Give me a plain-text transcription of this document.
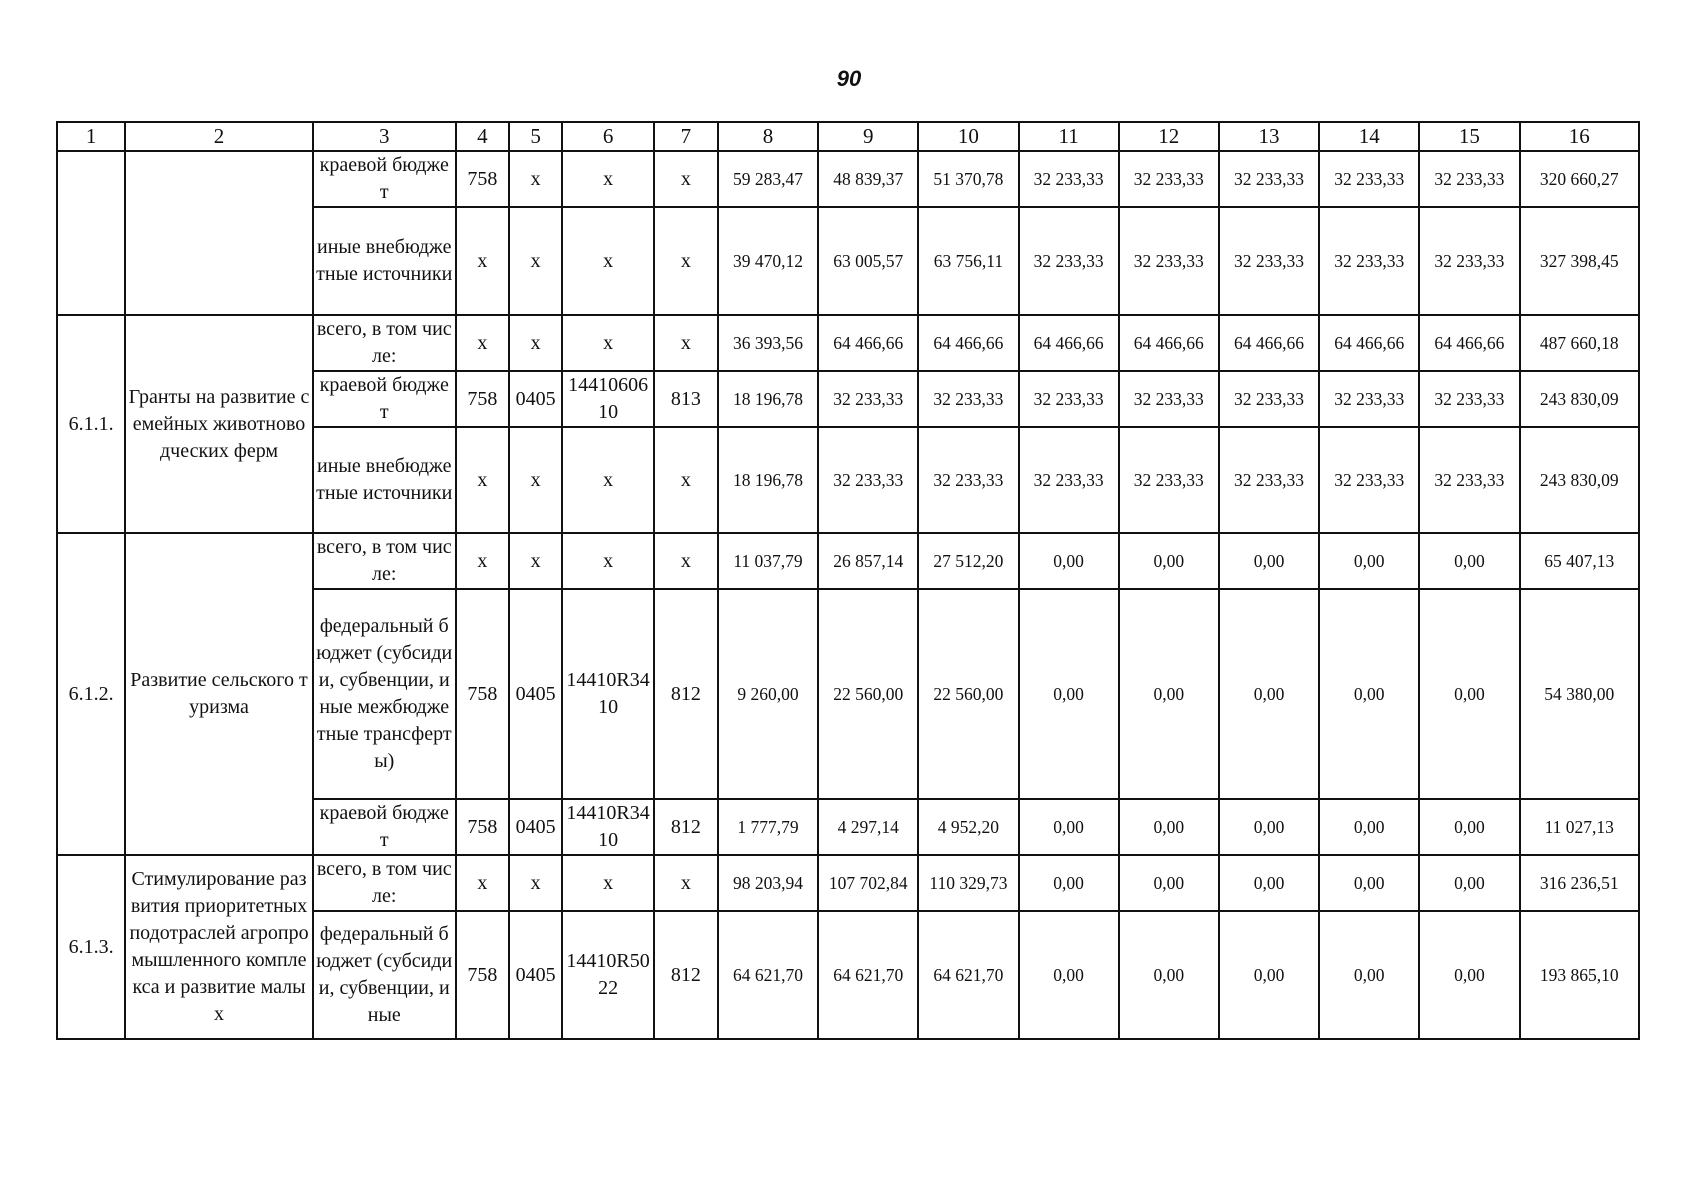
90
1	2	3	4	5	6	7	8	9	10	11	12	13	14	15	16
		краевой бюджет	758	х	х	х	59 283,47	48 839,37	51 370,78	32 233,33	32 233,33	32 233,33	32 233,33	32 233,33	320 660,27
		иные внебюджетные источники	х	х	х	х	39 470,12	63 005,57	63 756,11	32 233,33	32 233,33	32 233,33	32 233,33	32 233,33	327 398,45
6.1.1.	Гранты на развитие семейных животноводческих ферм	всего, в том числе:	х	х	х	х	36 393,56	64 466,66	64 466,66	64 466,66	64 466,66	64 466,66	64 466,66	64 466,66	487 660,18
		краевой бюджет	758	0405	1441060610	813	18 196,78	32 233,33	32 233,33	32 233,33	32 233,33	32 233,33	32 233,33	32 233,33	243 830,09
		иные внебюджетные источники	х	х	х	х	18 196,78	32 233,33	32 233,33	32 233,33	32 233,33	32 233,33	32 233,33	32 233,33	243 830,09
6.1.2.	Развитие сельского туризма	всего, в том числе:	х	х	х	х	11 037,79	26 857,14	27 512,20	0,00	0,00	0,00	0,00	0,00	65 407,13
		федеральный бюджет (субсидии, субвенции, иные межбюджетные трансферты)	758	0405	14410R3410	812	9 260,00	22 560,00	22 560,00	0,00	0,00	0,00	0,00	0,00	54 380,00
		краевой бюджет	758	0405	14410R3410	812	1 777,79	4 297,14	4 952,20	0,00	0,00	0,00	0,00	0,00	11 027,13
6.1.3.	Стимулирование развития приоритетных подотраслей агропромышленного комплекса и развитие малых	всего, в том числе:	х	х	х	х	98 203,94	107 702,84	110 329,73	0,00	0,00	0,00	0,00	0,00	316 236,51
		федеральный бюджет (субсидии, субвенции, иные	758	0405	14410R5022	812	64 621,70	64 621,70	64 621,70	0,00	0,00	0,00	0,00	0,00	193 865,10
